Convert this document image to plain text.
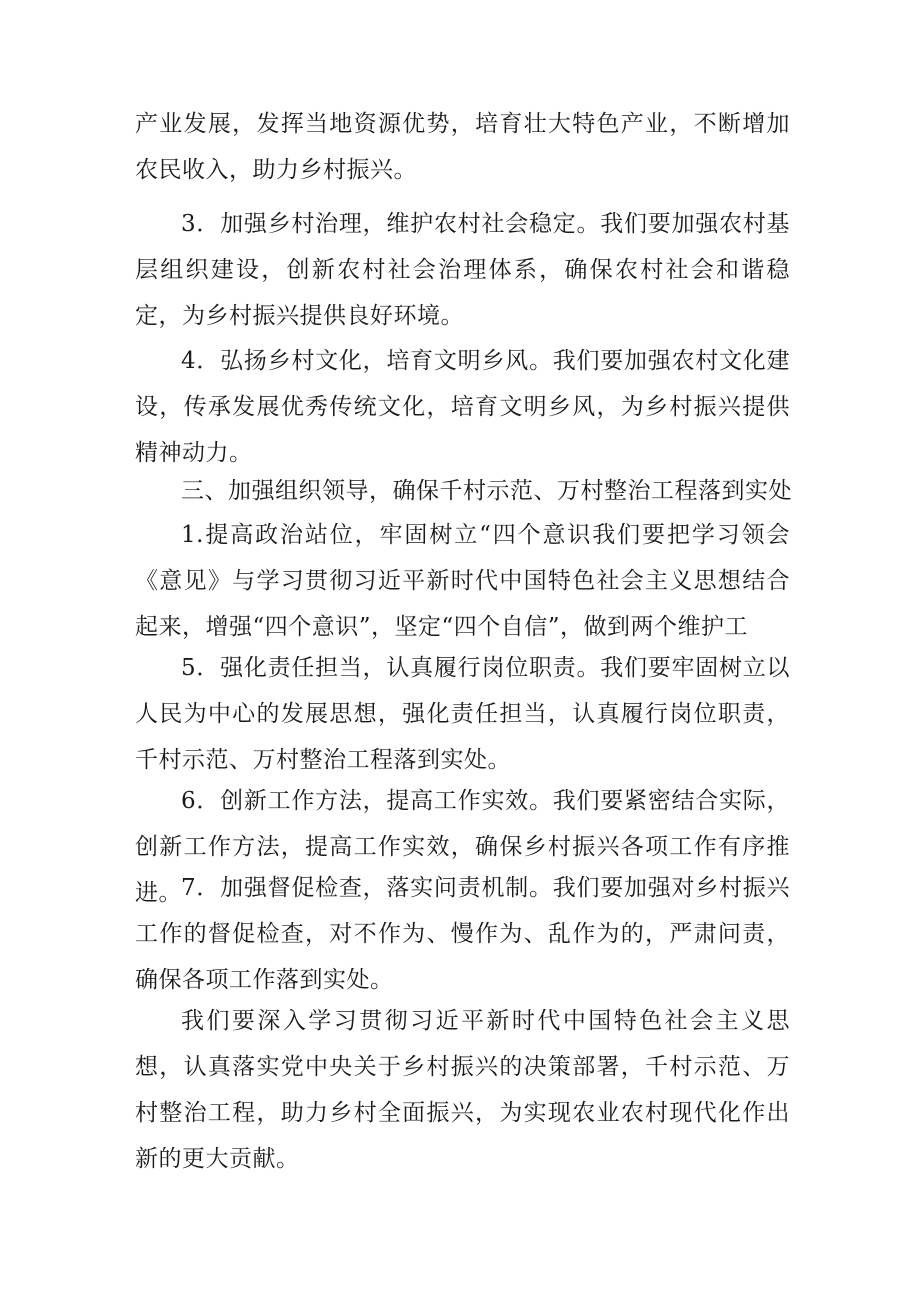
产业发展，发挥当地资源优势，培育壮大特色产业，不断增加农民收入，助力乡村振兴。

3．加强乡村治理，维护农村社会稳定。我们要加强农村基层组织建设，创新农村社会治理体系，确保农村社会和谐稳定，为乡村振兴提供良好环境。

4．弘扬乡村文化，培育文明乡风。我们要加强农村文化建设，传承发展优秀传统文化，培育文明乡风，为乡村振兴提供精神动力。

三、加强组织领导，确保千村示范、万村整治工程落到实处

1.提高政治站位，牢固树立“四个意识我们要把学习领会《意见》与学习贯彻习近平新时代中国特色社会主义思想结合起来，增强“四个意识”，坚定“四个自信”，做到两个维护工

5．强化责任担当，认真履行岗位职责。我们要牢固树立以人民为中心的发展思想，强化责任担当，认真履行岗位职责，千村示范、万村整治工程落到实处。

6．创新工作方法，提高工作实效。我们要紧密结合实际，创新工作方法，提高工作实效，确保乡村振兴各项工作有序推进。 7．加强督促检查，落实问责机制。我们要加强对乡村振兴工作的督促检查，对不作为、慢作为、乱作为的，严肃问责，确保各项工作落到实处。

我们要深入学习贯彻习近平新时代中国特色社会主义思想，认真落实党中央关于乡村振兴的决策部署，千村示范、万村整治工程，助力乡村全面振兴，为实现农业农村现代化作出新的更大贡献。
